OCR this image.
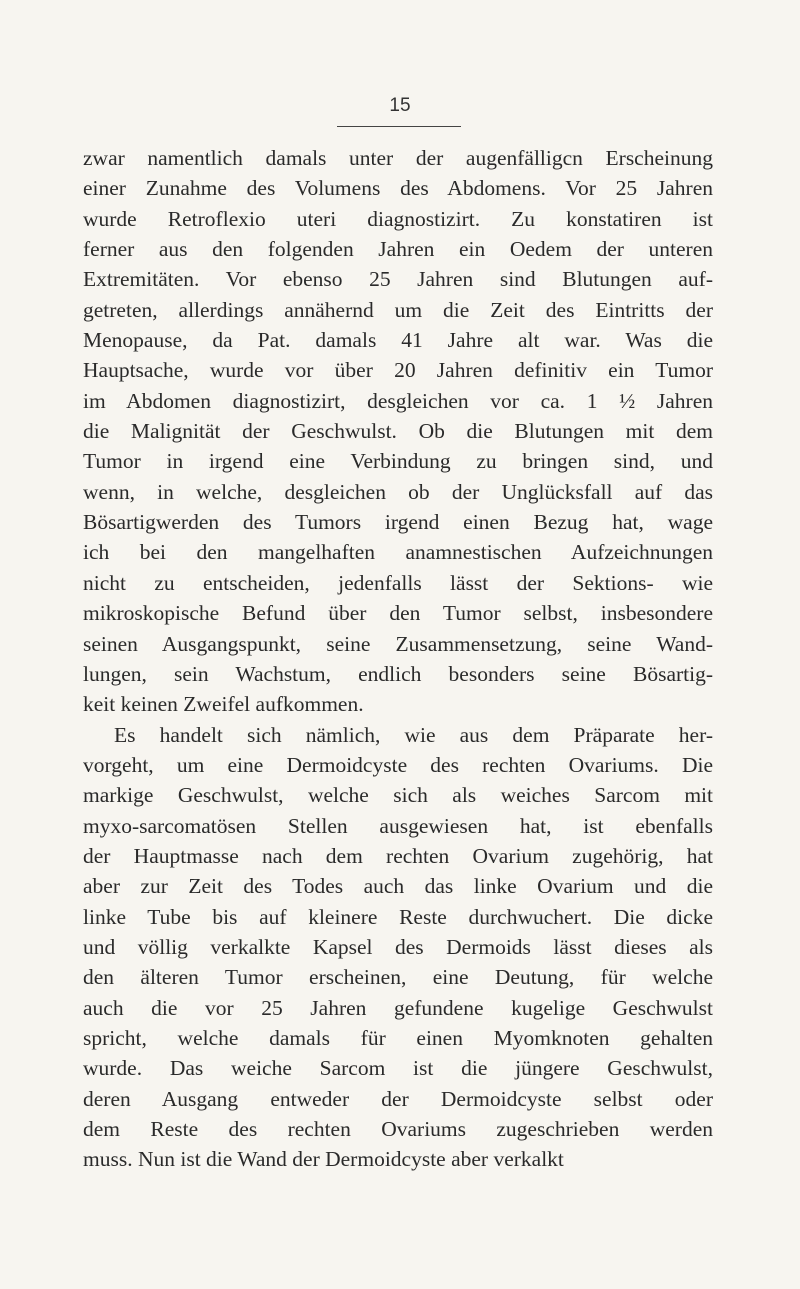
15
zwar namentlich damals unter der augenfälligcn Erscheinung
einer Zunahme des Volumens des Abdomens. Vor 25 Jahren
wurde Retroflexio uteri diagnostizirt. Zu konstatiren ist
ferner aus den folgenden Jahren ein Oedem der unteren
Extremitäten. Vor ebenso 25 Jahren sind Blutungen auf-
getreten, allerdings annähernd um die Zeit des Eintritts der
Menopause, da Pat. damals 41 Jahre alt war. Was die
Hauptsache, wurde vor über 20 Jahren definitiv ein Tumor
im Abdomen diagnostizirt, desgleichen vor ca. 1 ½ Jahren
die Malignität der Geschwulst. Ob die Blutungen mit dem
Tumor in irgend eine Verbindung zu bringen sind, und
wenn, in welche, desgleichen ob der Unglücksfall auf das
Bösartigwerden des Tumors irgend einen Bezug hat, wage
ich bei den mangelhaften anamnestischen Aufzeichnungen
nicht zu entscheiden, jedenfalls lässt der Sektions- wie
mikroskopische Befund über den Tumor selbst, insbesondere
seinen Ausgangspunkt, seine Zusammensetzung, seine Wand-
lungen, sein Wachstum, endlich besonders seine Bösartig-
keit keinen Zweifel aufkommen.
Es handelt sich nämlich, wie aus dem Präparate her-
vorgeht, um eine Dermoidcyste des rechten Ovariums. Die
markige Geschwulst, welche sich als weiches Sarcom mit
myxo-sarcomatösen Stellen ausgewiesen hat, ist ebenfalls
der Hauptmasse nach dem rechten Ovarium zugehörig, hat
aber zur Zeit des Todes auch das linke Ovarium und die
linke Tube bis auf kleinere Reste durchwuchert. Die dicke
und völlig verkalkte Kapsel des Dermoids lässt dieses als
den älteren Tumor erscheinen, eine Deutung, für welche
auch die vor 25 Jahren gefundene kugelige Geschwulst
spricht, welche damals für einen Myomknoten gehalten
wurde. Das weiche Sarcom ist die jüngere Geschwulst,
deren Ausgang entweder der Dermoidcyste selbst oder
dem Reste des rechten Ovariums zugeschrieben werden
muss. Nun ist die Wand der Dermoidcyste aber verkalkt
